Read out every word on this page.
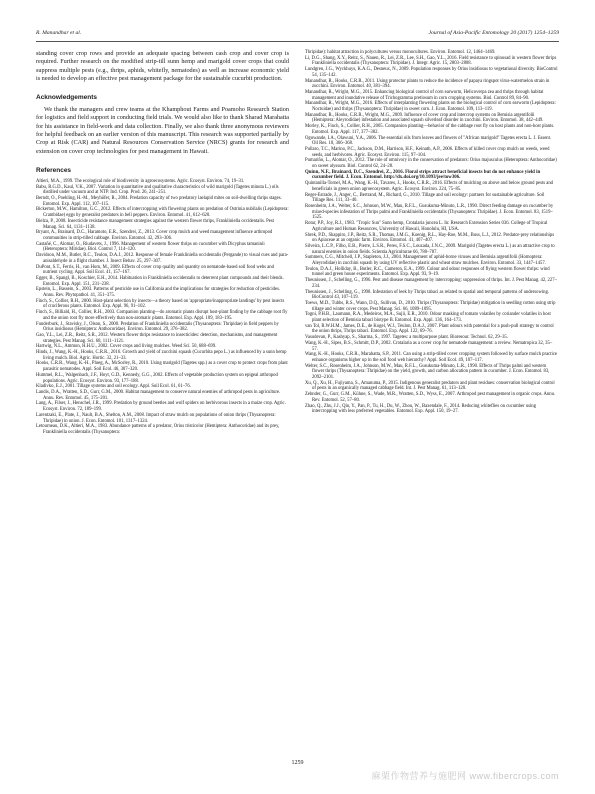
R. Manandhar et al.	Journal of Asia-Pacific Entomology 20 (2017) 1254–1259

standing cover crop rows and provide an adequate spacing between cash crop and cover crop is required. Further research on the modified strip-till sunn hemp and marigold cover crops that could suppress multiple pests (e.g., thrips, aphids, whitefly, nematodes) as well as increase economic yield is needed to develop an effective pest management package for the sustainable cucurbit production.

Acknowledgements

We thank the managers and crew teams at the Khamphout Farms and Poamoho Research Station for logistics and field support in conducting field trials. We would also like to thank Sharad Marahatta for his assistance in field-work and data collection. Finally, we also thank three anonymous reviewers for helpful feedback on an earlier version of this manuscript. This research was supported partially by Crop at Risk (CAR) and Natural Resources Conservation Service (NRCS) grants for research and extension on cover crop technologies for pest management in Hawaii.

References
Altieri, M.A., 1999. The ecological role of biodiversity in agroecosystems. Agric. Ecosyst. Environ. 74, 19–31.
Babu, R.G.D., Kaul, V.K., 2007. Variation in quantitative and qualitative characteristics of wild marigold (Tagetes minuta L.) oils distilled under vacuum and at NTP. Ind. Crop. Prod. 26, 241–251.
Berndt, O., Poehling, H.-M., Meyhöfer, R., 2004. Predation capacity of two predatory laelapid mites on soil-dwelling thrips stages. Entomol. Exp. Appl. 112, 107–115.
Bickerton, M.W., Hamilton, G.C., 2012. Effects of intercropping with flowering plants on predation of Ostrinia nubilalis (Lepidoptera: Crambidae) eggs by generalist predators in bell peppers. Environ. Entomol. 41, 612–620.
Bielza, P., 2008. Insecticide resistance management strategies against the western flower thrips, Frankliniella occidentalis. Pest Manag. Sci. 64, 1131–1138.
Bryant, A., Brainard, D.C., Haramoto, E.R., Szendrei, Z., 2013. Cover crop mulch and weed management influence arthropod communities in strip-tilled cabbage. Environ. Entomol. 42, 293–306.
Castañé, C., Alomar, O., Riudavets, J., 1996. Management of western flower thrips on cucumber with Dicyphus tamaninii (Heteroptera: Miridae). Biol. Control 7, 114–120.
Davidson, M.M., Butler, R.C., Teulon, D.A.J., 2012. Response of female Frankliniella occidentalis (Pergande) to visual cues and para-anisaldehyde in a flight chamber. J. Insect Behav. 25, 297–307.
DuPont, S.T., Ferris, H., van Horn, M., 2009. Effects of cover crop quality and quantity on nematode-based soil food webs and nutrient cycling. Appl. Soil Ecol. 41, 157–167.
Egger, B., Spangl, B., Koschier, E.H., 2014. Habituation in Frankliniella occidentalis to deterrent plant compounds and their blends. Entomol. Exp. Appl. 151, 231–238.
Epstein, L., Bassein, S., 2003. Patterns of pesticide use in California and the implications for strategies for reduction of pesticides. Annu. Rev. Phytopathol. 41, 351–375.
Finch, S., Collier, R.H., 2000. Host-plant selection by insects—a theory based on 'appropriate/inappropriate landings' by pest insects of cruciferous plants. Entomol. Exp. Appl. 96, 91–102.
Finch, S., Billiald, H., Collier, R.H., 2003. Companion planting—do aromatic plants disrupt host-plant finding by the cabbage root fly and the onion root fly more effectively than non-aromatic plants. Entomol. Exp. Appl. 109, 183–195.
Funderburk, J., Stavisky, J., Olson, S., 2000. Predation of Frankliniella occidentalis (Thysanoptera: Thripidae) in field peppers by Orius insidiosus (Hemiptera: Anthocoridae). Environ. Entomol. 29, 376–382.
Gao, Y.L., Lei, Z.R., Reitz, S.R., 2012. Western flower thrips resistance to insecticides: detection, mechanisms, and management strategies. Pest Manag. Sci. 68, 1111–1121.
Hartwig, N.L., Ammon, H.H.U., 2002. Cover crops and living mulches. Weed Sci. 50, 688–699.
Hinds, J., Wang, K.-H., Hooks, C.R.R., 2016. Growth and yield of zucchini squash (Cucurbita pepo L.) as influenced by a sunn hemp living mulch. Biol. Agric. Hortic. 32, 21–33.
Hooks, C.R.R., Wang, K.-H., Ploeg, A., McSorley, R., 2010. Using marigold (Tagetes spp.) as a cover crop to protect crops from plant parasitic nematodes. Appl. Soil Ecol. 46, 307–320.
Hummel, R.L., Walgenbach, J.F., Hoyt, G.D., Kennedy, G.G., 2002. Effects of vegetable production system on epigeal arthropod populations. Agric. Ecosyst. Environ. 93, 177–188.
Kladivko, E.J., 2001. Tillage systems and soil ecology. Appl. Soil Ecol. 61, 61–76.
Landis, D.A., Wratten, S.D., Gurr, G.M., 2000. Habitat management to conserve natural enemies of arthropod pests in agriculture. Annu. Rev. Entomol. 45, 175–201.
Lang, A., Filser, J., Henschel, J.R., 1999. Predation by ground beetles and wolf spiders on herbivorous insects in a maize crop. Agric. Ecosyst. Environ. 72, 189–199.
Larentzaki, E., Plate, J., Nault, B.A., Shelton, A.M., 2008. Impact of straw mulch on populations of onion thrips (Thysanoptera: Thripidae) in onion. J. Econ. Entomol. 101, 1317–1324.
Letourneau, D.K., Altieri, M.A., 1983. Abundance patterns of a predator, Orius tristicolor (Hemiptera: Anthocoridae) and its prey, Frankliniella occidentalis (Thysanoptera:
Thripidae): habitat attraction in polycultures versus monocultures. Environ. Entomol. 12, 1464–1469.
Li, D.G., Shang, X.Y., Reitz, S., Nauen, R., Lei, Z.R., Lee, S.H., Gao, Y.L., 2016. Field resistance to spinosad in western flower thrips Frankliniella occidentalis (Thysanoptera: Thripidae). J. Integr. Agric. 15, 2803–2808.
Lundgren, J.G., Wyckhuys, K.A.G., Desneux, N., 2009. Population responses by Orius insidiosus to vegetational diversity. BioControl 54, 135–142.
Manandhar, R., Hooks, C.R.R., 2011. Using protector plants to reduce the incidence of papaya ringspot virus-watermelon strain in zucchini. Environ. Entomol. 40, 381–394.
Manandhar, R., Wright, M.G., 2015. Enhancing biological control of corn earworm, Helicoverpa zea and thrips through habitat management and inundative release of Trichogramma pretiosum in corn cropping systems. Biol. Control 89, 84–90.
Manandhar, R., Wright, M.G., 2016. Effects of interplanting flowering plants on the biological control of corn earworm (Lepidoptera: Noctuidae) and thrips (Thysanoptera: Thripidae) in sweet corn. J. Econ. Entomol. 109, 113–119.
Manandhar, R., Hooks, C.R.R., Wright, M.G., 2009. Influence of cover crop and intercrop systems on Bemisia argentifolii (Hemiptera: Aleyrodidae) infestation and associated squash silverleaf disorder in zucchini. Environ. Entomol. 38, 442–449.
Morley, K., Finch, S., Collier, R.H., 2005. Companion planting—behavior of the cabbage root fly on host plants and non-host plants. Entomol. Exp. Appl. 117, 377–382.
Oguwande, I.A., Olawuni, Y.A., 2006. The essential oils from leaves and flowers of "African marigold" Tagetes erecta L. J. Essent. Oil Res. 18, 366–368.
Pullaro, T.C., Marino, P.C., Jackson, D.M., Harrison, H.F., Keinath, A.P., 2006. Effects of killed cover crop mulch on weeds, weed seeds, and herbivores. Agric. Ecosyst. Environ. 115, 97–104.
Pumariño, L., Alomar, O., 2012. The role of omnivory in the conservation of predators: Orius majusculus (Heteroptera: Anthocoridae) on sweet alyssum. Biol. Control 62, 24–28.
Quinn, N.F., Brainard, D.C., Szendrei, Z., 2016. Floral strips attract beneficial insects but do not enhance yield in cucumber field. J. Econ. Entomol. http://dx.doi.org/10.1093/jee/tow306.
Quintanilla-Tornel, M.A., Wang, K.-H., Tavares, J., Hooks, C.R.R., 2016. Effects of mulching on above and below ground pests and beneficials in green onion agroecosystem. Agric. Ecosyst. Environ. 224, 75–85.
Reger-Estrade, J., Anger, C., Bertrand, M., Richard, G., 2010. Tillage and soil ecology: partners for sustainable agriculture. Soil Tillage Res. 111, 33–40.
Rosenheim, J.A., Welter, S.C., Johnson, M.W., Mau, R.F.L., Gusukuma-Minuto, L.R., 1990. Direct feeding damage on cucumber by mixed-species infestation of Thrips palmi and Frankliniella occidentalis (Thysanoptera: Thripidae). J. Econ. Entomol. 83, 1519–1525.
Rotar, P.P., Joy, R.J., 1983. "Tropic Sun" Sunn hemp, Crotalaria juncea L. In: Research Extension Series 036. College of Tropical Agriculture and Human Resources, University of Hawaii, Honolulu, HI, USA.
Shrek, P.D., Shappiro, J.P., Reitz, S.R., Thomas, J.M.G., Koenig, R.L., Hay-Roe, M.M., Buss, L.J., 2012. Predator-prey relationships on Apiaceae at an organic farm. Environ. Entomol. 41, 407–407.
Silveira, L.C.P., Filho, E.B., Pierre, L.S.R., Peres, F.S.C., Louzada, J.N.C., 2009. Marigold (Tagetes erecta L.) as an attractive crop to natural enemies in onion fields. Scientia Agriculturae 66, 780–787.
Summers, C.G., Mitchell, J.P., Stapleton, J.J., 2004. Management of aphid-borne viruses and Bemisia argentifolii (Homoptera: Aleyrodidae) in zucchini squash by using UV reflective plastic and wheat straw mulches. Environ. Entomol. 33, 1447–1457.
Teulon, D.A.J., Holliday, B., Butler, R.C., Cameron, E.A., 1999. Colour and odour responses of flying western flower thrips: wind tunnel and green house experiments. Entomol. Exp. Appl. 93, 9–19.
Theunissen, J., Schelling, G., 1996. Pest and disease management by intercropping: suppression of thrips. Int. J. Pest Manag. 42, 227–234.
Theunissen, J., Schelling, G., 1998. Infestation of leek by Thrips tabaci as related to spatial and temporal patterns of undersowing. BioControl 43, 107–119.
Toews, M.D., Tubbs, R.S., Wann, D.Q., Sullivan, D., 2010. Thrips (Thysanoptera: Thripidae) mitigation in seedling cotton using strip tillage and winter cover crops. Pest Manag. Sci. 66, 1089–1095.
Togni, P.H.B., Laumann, R.A., Medeiros, M.A., Sujii, E.R., 2010. Odour masking of tomato volatiles by coriander volatiles in host plant selection of Bemisia tabaci biotype B. Entomol. Exp. Appl. 136, 164–173.
van Tol, R.W.H.M., James, D.E., de Kogel, W.J., Teulon, D.A.J., 2007. Plant odours with potential for a push-pull strategy to control the onion thrips, Thrips tabaci. Entomol. Exp. Appl. 122, 69–76.
Vasudevan, P., Kashyap, S., Sharma, S., 1997. Tagetes: a multipurpose plant. Bioresour. Technol. 62, 29–35.
Wang, K.-H., Sipes, B.S., Schmitt, D.P., 2002. Crotalaria as a cover crop for nematode management: a review. Nematropica 32, 35–57.
Wang, K.-H., Hooks, C.R.R., Marahatta, S.P., 2011. Can using a strip-tilled cover cropping system followed by surface mulch practice enhance organisms higher up in the soil food web hierarchy? Appl. Soil Ecol. 49, 107–117.
Welter, S.C., Rosenheim, J.A., Johnson, M.W., Mau, R.F.L., Gusukuma-Minuto, L.R., 1990. Effects of Thrips palmi and western flower thrips (Thysanoptera: Thripidae) on the yield, growth, and carbon allocation pattern in cucumber. J. Econ. Entomol. 83, 2092–2101.
Xu, Q., Xu, H., Fujiyama, S., Amanuma, P., 2015. Indigenous generalist predators and plant residues: conservation biological control of pests in an organically managed cabbage field. Int. J. Pest Manag. 61, 113–120.
Zehnder, G., Gurr, G.M., Kühne, S., Wade, M.R., Wratten, S.D., Wyss, E., 2007. Arthropod pest management in organic crops. Annu. Rev. Entomol. 52, 57–80.
Zhao, Q., Zhu, J.J., Qin, Y., Pan, P., Tu, H., Du, W., Zhou, W., Baxendale, F., 2014. Reducing whiteflies on cucumber using intercropping with less preferred vegetables. Entomol. Exp. Appl. 150, 19–27.
1259
麻栗作物营养与施肥网 www.fibercrops.com
